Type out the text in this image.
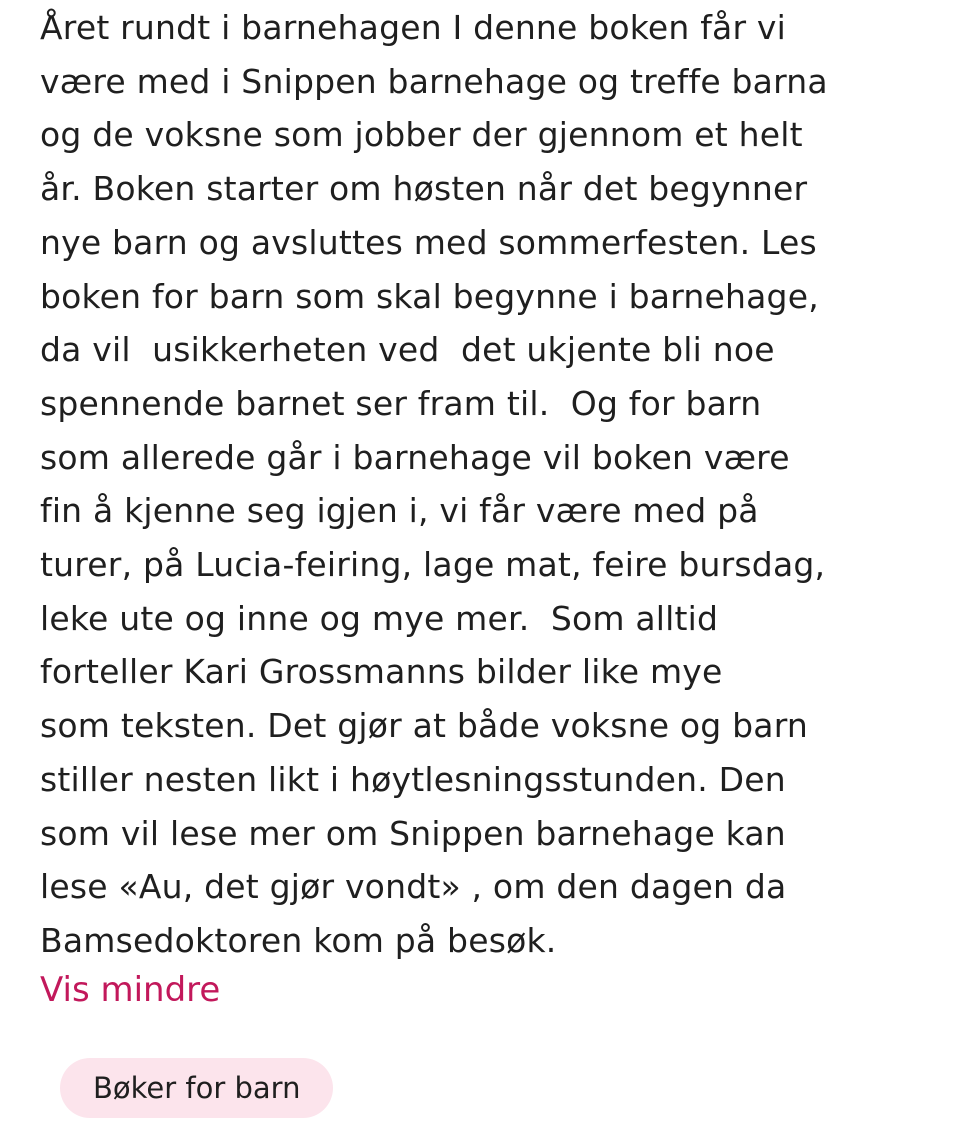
Året rundt i barnehagen I denne boken får vi
være med i Snippen barnehage og treffe barna
og de voksne som jobber der gjennom et helt
år. Boken starter om høsten når det begynner
nye barn og avsluttes med sommerfesten. Les
boken for barn som skal begynne i barnehage,
da vil  usikkerheten ved  det ukjente bli noe
spennende barnet ser fram til.  Og for barn
som allerede går i barnehage vil boken være
fin å kjenne seg igjen i, vi får være med på
turer, på Lucia-feiring, lage mat, feire bursdag,
leke ute og inne og mye mer.  Som alltid
forteller Kari Grossmanns bilder like mye
som teksten. Det gjør at både voksne og barn
stiller nesten likt i høytlesningsstunden. Den
som vil lese mer om Snippen barnehage kan
lese «Au, det gjør vondt» , om den dagen da
Bamsedoktoren kom på besøk.

Vis mindre
Bøker for barn
